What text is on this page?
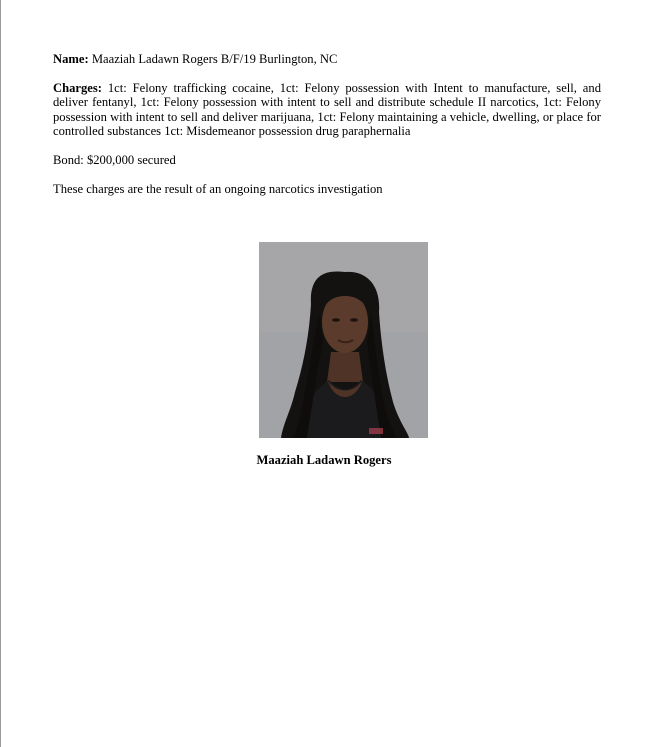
Name: Maaziah Ladawn Rogers B/F/19 Burlington, NC

Charges: 1ct: Felony trafficking cocaine, 1ct: Felony possession with Intent to manufacture, sell, and deliver fentanyl, 1ct: Felony possession with intent to sell and distribute schedule II narcotics, 1ct: Felony possession with intent to sell and deliver marijuana, 1ct: Felony maintaining a vehicle, dwelling, or place for controlled substances 1ct: Misdemeanor possession drug paraphernalia

Bond: $200,000 secured

These charges are the result of an ongoing narcotics investigation

Maaziah Ladawn Rogers
